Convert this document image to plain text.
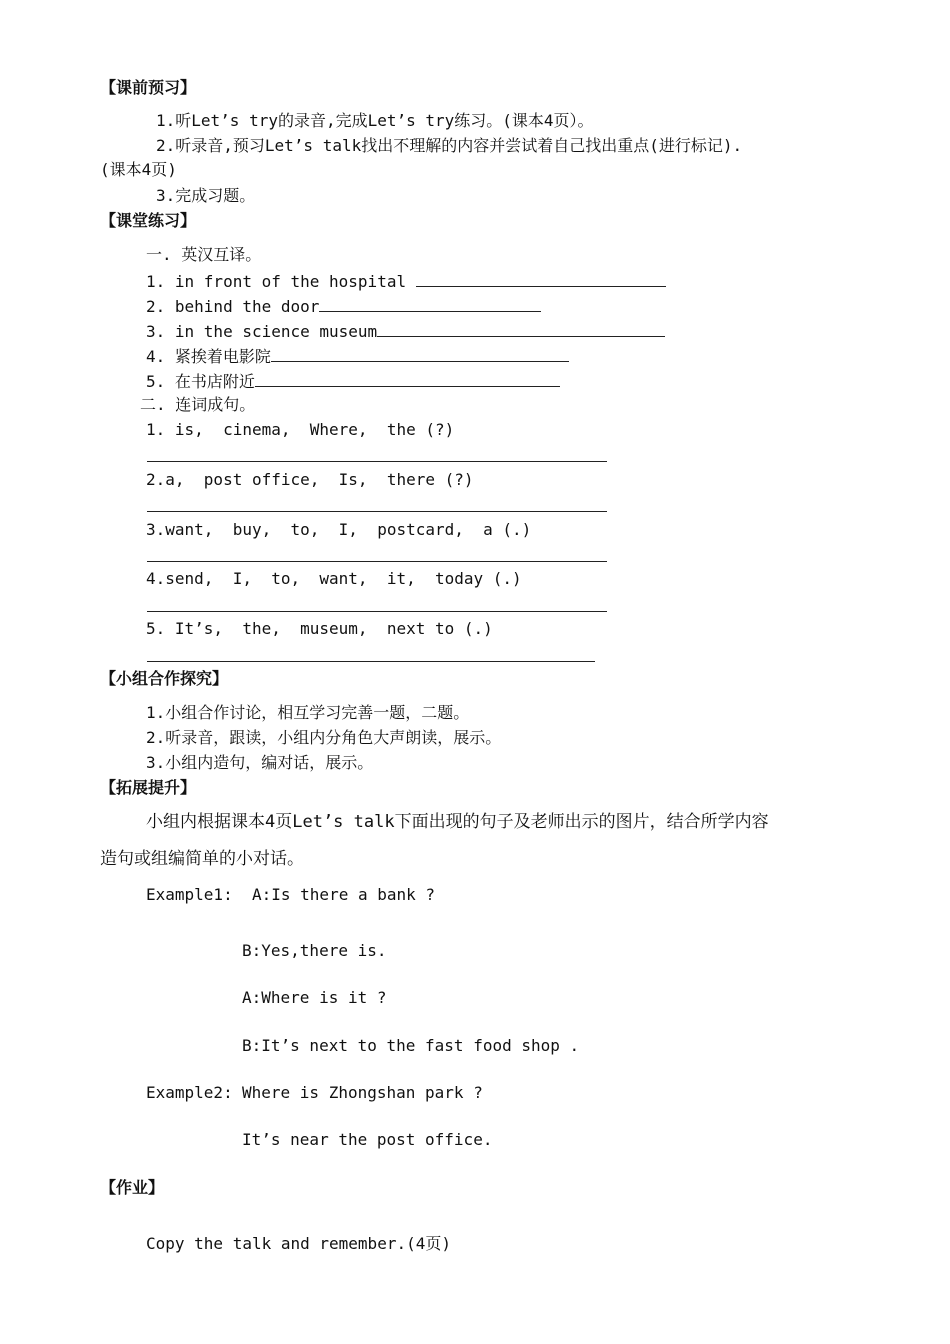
【课前预习】
1.听Let’s try的录音,完成Let’s try练习。(课本4页）。
2.听录音,预习Let’s talk找出不理解的内容并尝试着自己找出重点(进行标记).
(课本4页)
3.完成习题。
【课堂练习】
一. 英汉互译。
1. in front of the hospital
2. behind the door
3. in the science museum
4. 紧挨着电影院
5. 在书店附近
二. 连词成句。
1. is,  cinema,  Where,  the (?)
2.a,  post office,  Is,  there (?)
3.want,  buy,  to,  I,  postcard,  a (.)
4.send,  I,  to,  want,  it,  today (.)
5. It’s,  the,  museum,  next to (.)
【小组合作探究】
1.小组合作讨论，相互学习完善一题，二题。
2.听录音，跟读，小组内分角色大声朗读，展示。
3.小组内造句，编对话，展示。
【拓展提升】
小组内根据课本4页Let’s talk下面出现的句子及老师出示的图片，结合所学内容
造句或组编简单的小对话。
Example1: A:Is there a bank ?
B:Yes,there is.
A:Where is it ?
B:It’s next to the fast food shop .
Example2: Where is Zhongshan park ?
It’s near the post office.
【作业】
Copy the talk and remember.(4页)
